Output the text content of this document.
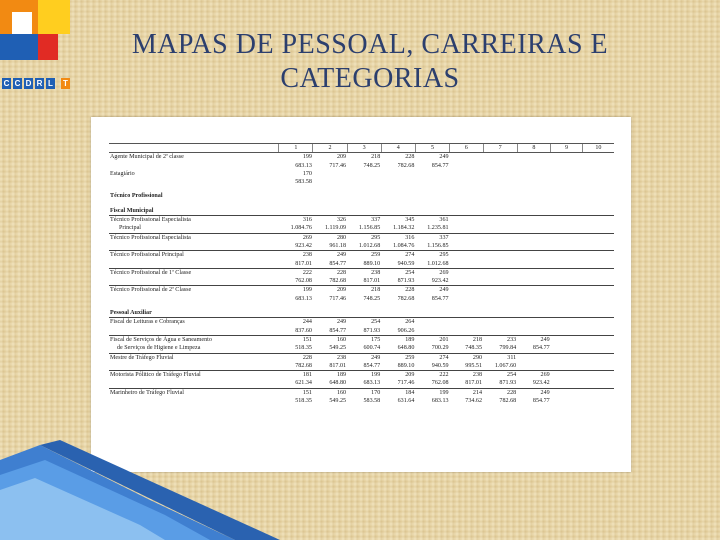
C C D R L T
MAPAS DE PESSOAL, CARREIRAS E
CATEGORIAS
	1	2	3	4	5	6	7	8	9	10
Agente Municipal de 2ª classe	199	209	218	228	249					
	683.13	717.46	748.25	782.68	854.77					
Estagiário	170									
	583.58									

Técnico Profissional										

Fiscal Municipal										
Técnico Profissional Especialista	316	326	337	345	361					
Principal	1.084.76	1.119.09	1.156.85	1.184.32	1.235.81					
Técnico Profissional Especialista	269	280	295	316	337					
	923.42	961.18	1.012.68	1.084.76	1.156.85					
Técnico Profissional Principal	238	249	259	274	295					
	817.01	854.77	889.10	940.59	1.012.68					
Técnico Profissional de 1ª Classe	222	228	238	254	269					
	762.08	782.68	817.01	871.93	923.42					
Técnico Profissional de 2ª Classe	199	209	218	228	249					
	683.13	717.46	748.25	782.68	854.77					

Pessoal Auxiliar										
Fiscal de Leituras e Cobranças	244	249	254	264						
	837.60	854.77	871.93	906.26						
Fiscal de Serviços de Água e Saneamento	151	160	175	189	201	218	233	249		
de Serviços de Higiene e Limpeza	518.35	549.25	600.74	648.80	700.29	748.35	799.84	854.77		
Mestre de Tráfego Fluvial	228	238	249	259	274	290	311			
	782.68	817.01	854.77	889.10	940.59	995.51	1.067.60			
Motorista Pólitico de Tráfego Fluvial	181	189	199	209	222	238	254	269		
	621.34	648.80	683.13	717.46	762.08	817.01	871.93	923.42		
Marinheiro de Tráfego Fluvial	151	160	170	184	199	214	228	249		
	518.35	549.25	583.58	631.64	683.13	734.62	782.68	854.77		
